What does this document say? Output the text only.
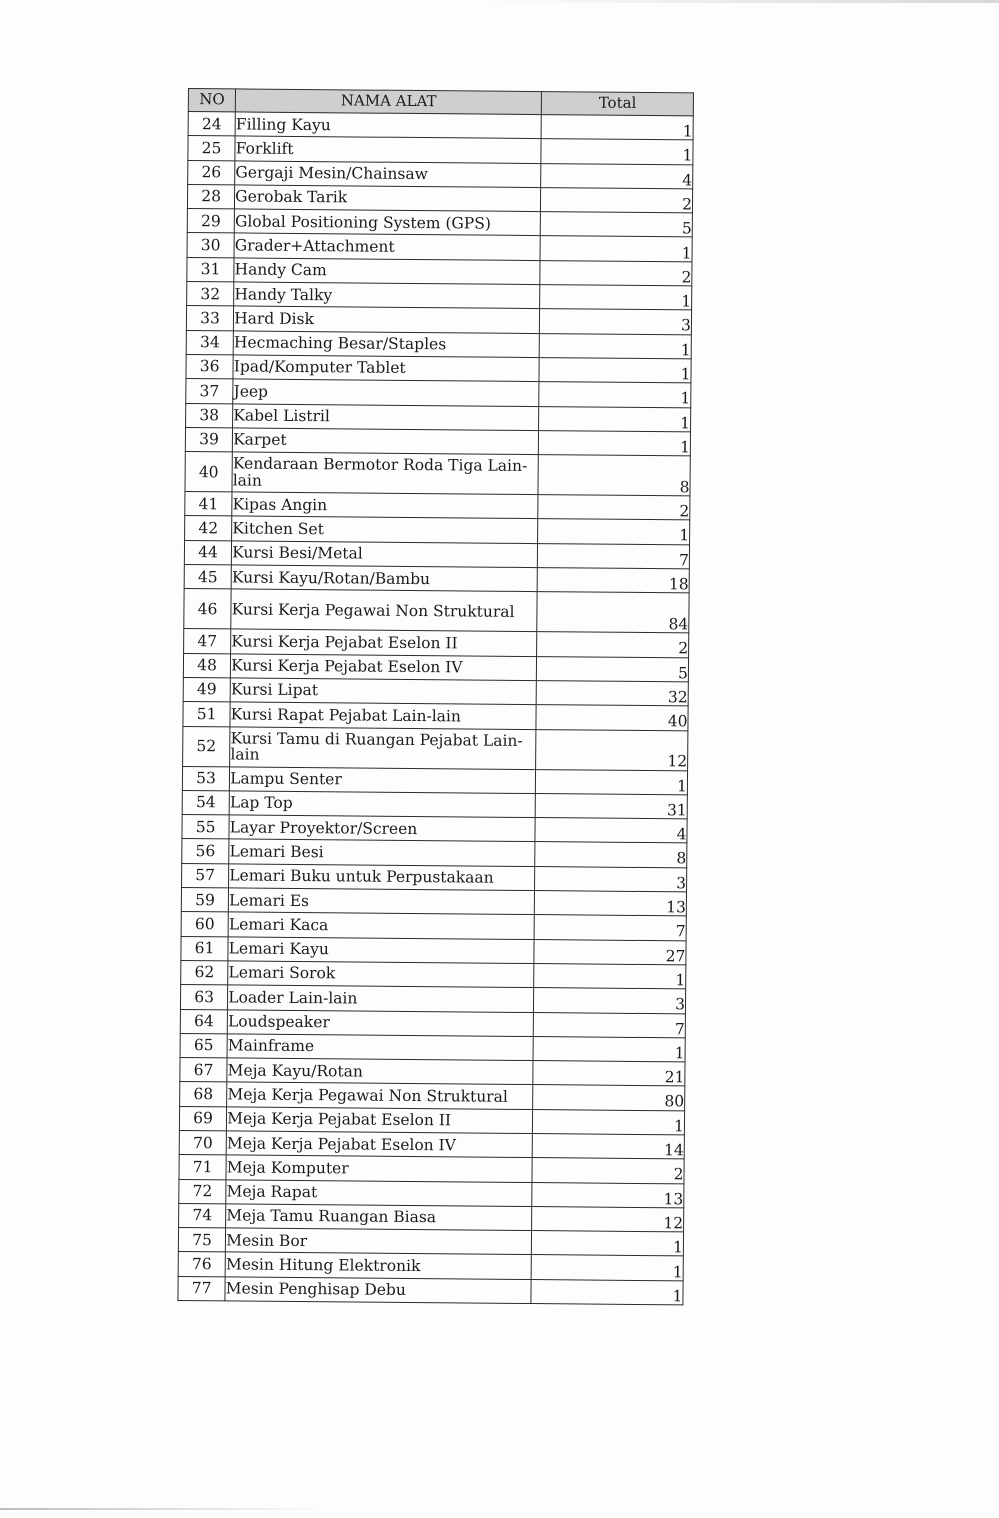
NO	NAMA ALAT	Total
24	Filling Kayu	1
25	Forklift	1
26	Gergaji Mesin/Chainsaw	4
28	Gerobak Tarik	2
29	Global Positioning System (GPS)	5
30	Grader+Attachment	1
31	Handy Cam	2
32	Handy Talky	1
33	Hard Disk	3
34	Hecmaching Besar/Staples	1
36	Ipad/Komputer Tablet	1
37	Jeep	1
38	Kabel Listril	1
39	Karpet	1
40	Kendaraan Bermotor Roda Tiga Lain-lain	8
41	Kipas Angin	2
42	Kitchen Set	1
44	Kursi Besi/Metal	7
45	Kursi Kayu/Rotan/Bambu	18
46	Kursi Kerja Pegawai Non Struktural	84
47	Kursi Kerja Pejabat Eselon II	2
48	Kursi Kerja Pejabat Eselon IV	5
49	Kursi Lipat	32
51	Kursi Rapat Pejabat Lain-lain	40
52	Kursi Tamu di Ruangan Pejabat Lain-lain	12
53	Lampu Senter	1
54	Lap Top	31
55	Layar Proyektor/Screen	4
56	Lemari Besi	8
57	Lemari Buku untuk Perpustakaan	3
59	Lemari Es	13
60	Lemari Kaca	7
61	Lemari Kayu	27
62	Lemari Sorok	1
63	Loader Lain-lain	3
64	Loudspeaker	7
65	Mainframe	1
67	Meja Kayu/Rotan	21
68	Meja Kerja Pegawai Non Struktural	80
69	Meja Kerja Pejabat Eselon II	1
70	Meja Kerja Pejabat Eselon IV	14
71	Meja Komputer	2
72	Meja Rapat	13
74	Meja Tamu Ruangan Biasa	12
75	Mesin Bor	1
76	Mesin Hitung Elektronik	1
77	Mesin Penghisap Debu	1
